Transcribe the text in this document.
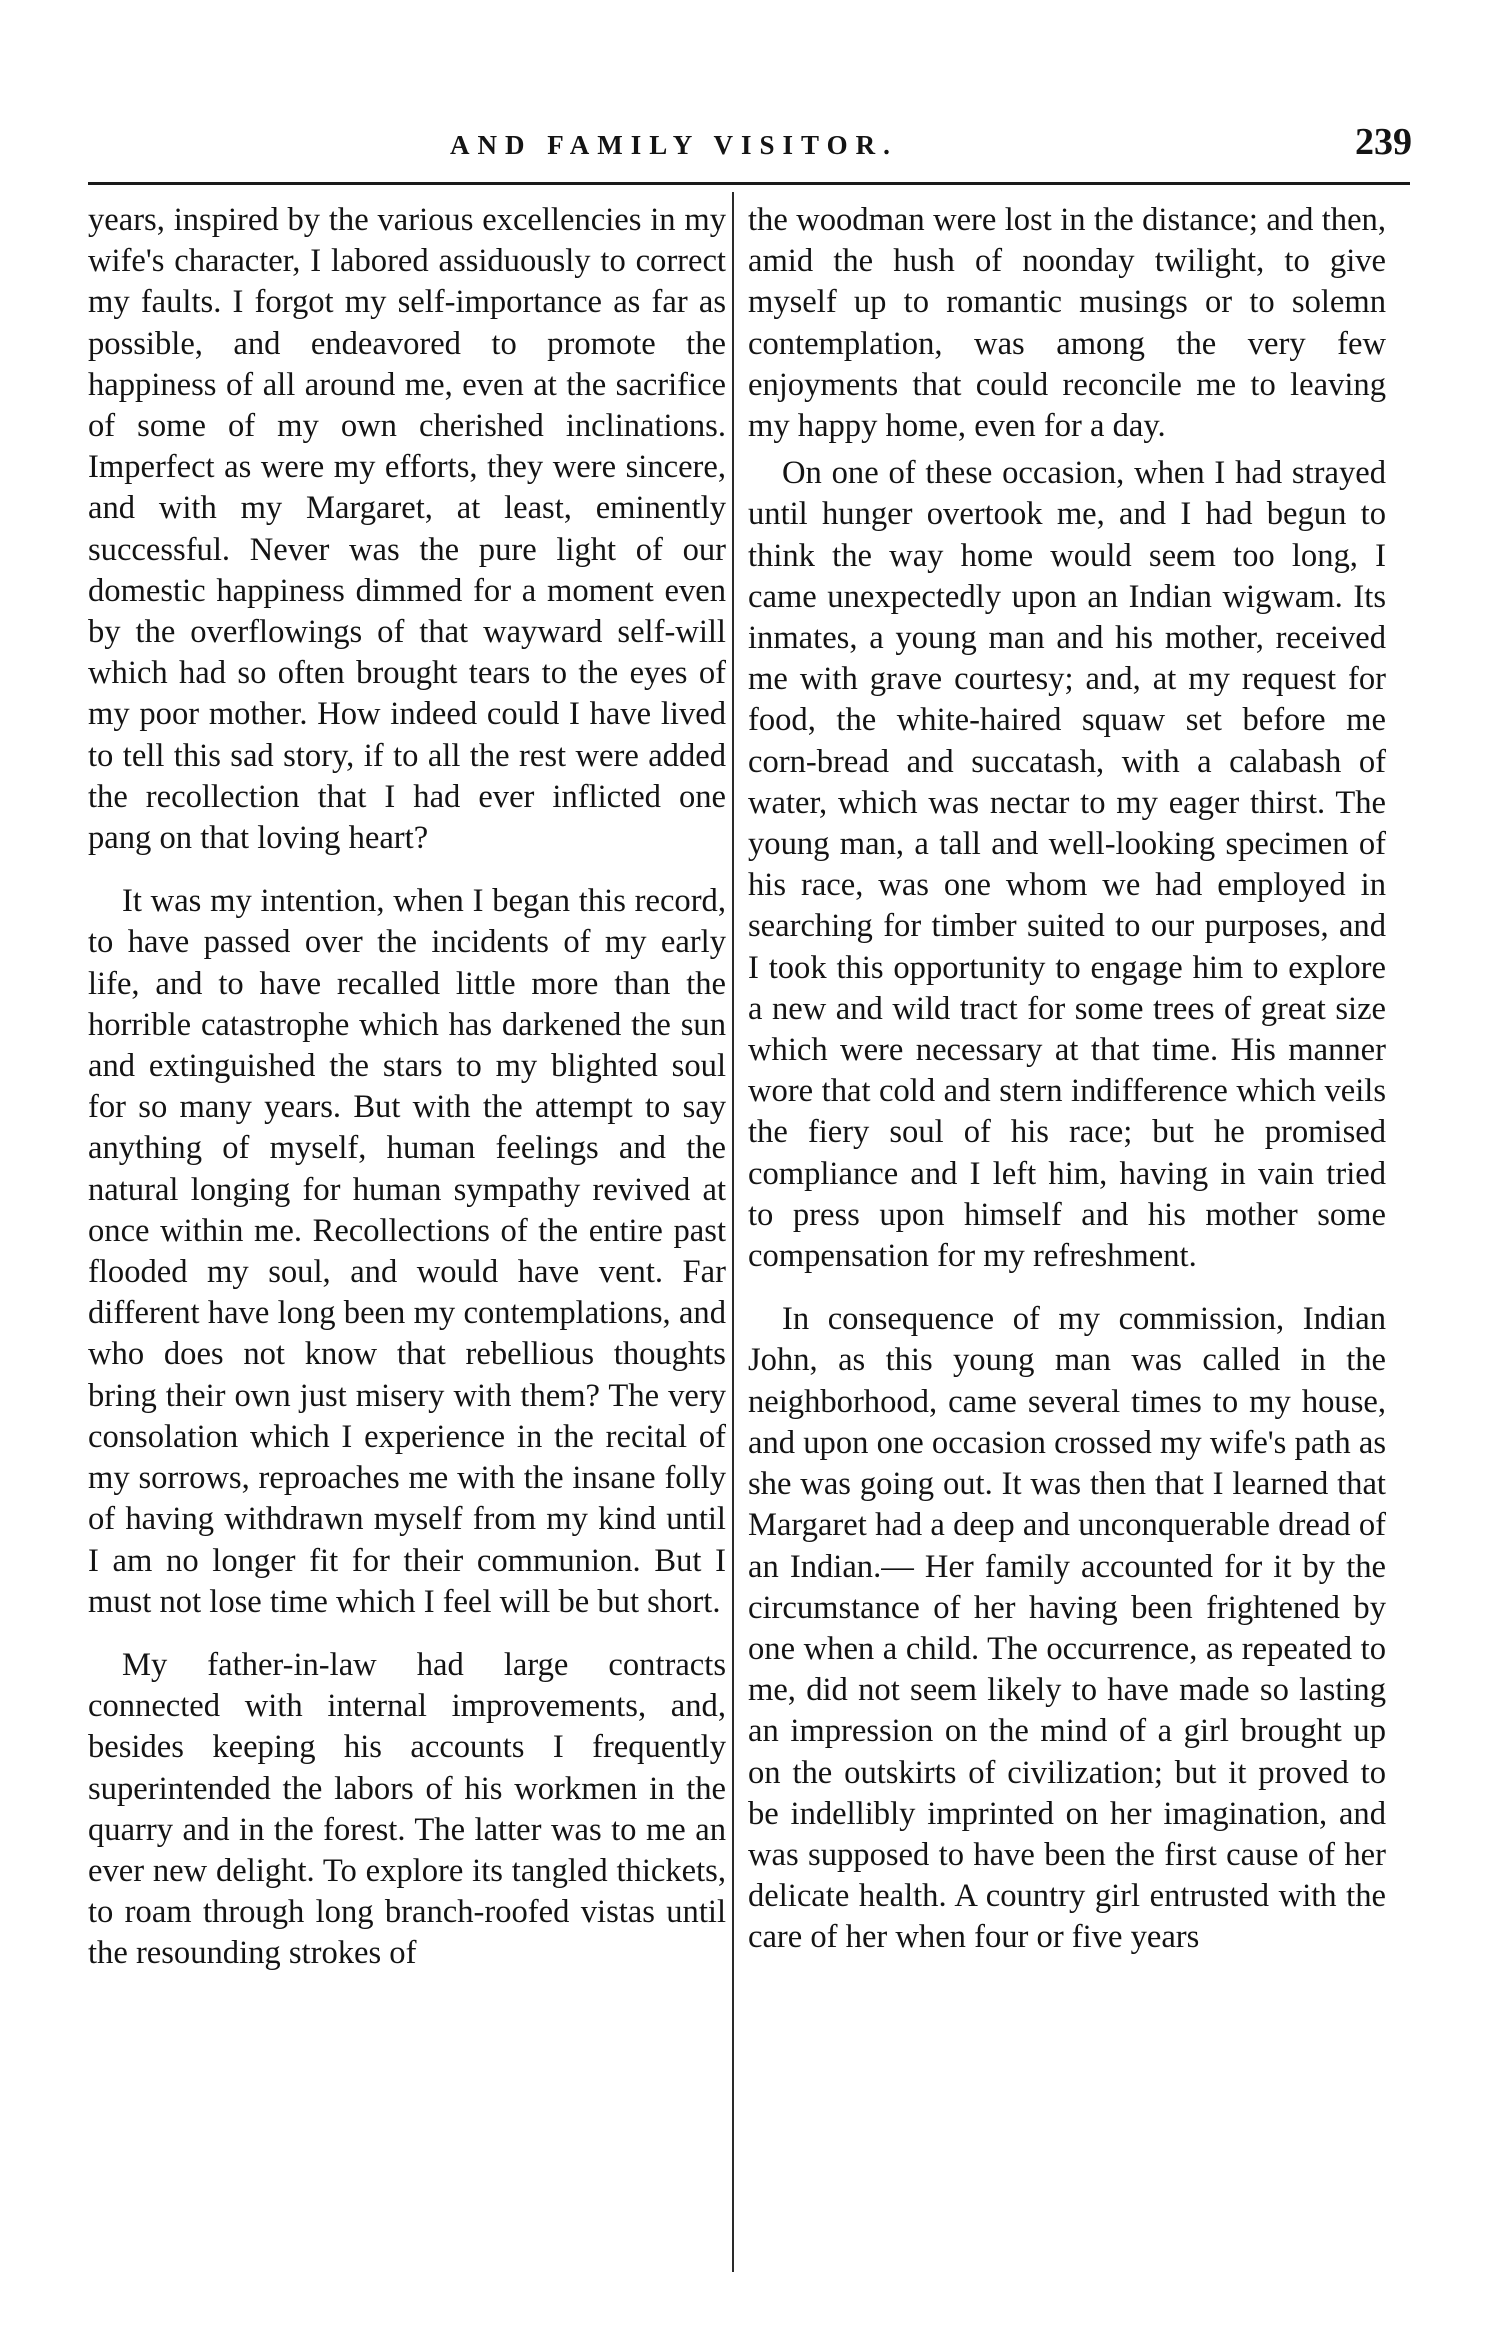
AND FAMILY VISITOR.	239

years, inspired by the various excellencies in my wife's character, I labored assiduously to correct my faults. I forgot my self-importance as far as possible, and endeavored to promote the happiness of all around me, even at the sacrifice of some of my own cherished inclinations. Imperfect as were my efforts, they were sincere, and with my Margaret, at least, eminently successful. Never was the pure light of our domestic happiness dimmed for a moment even by the overflowings of that wayward self-will which had so often brought tears to the eyes of my poor mother. How indeed could I have lived to tell this sad story, if to all the rest were added the recollection that I had ever inflicted one pang on that loving heart?

It was my intention, when I began this record, to have passed over the incidents of my early life, and to have recalled little more than the horrible catastrophe which has darkened the sun and extinguished the stars to my blighted soul for so many years. But with the attempt to say anything of myself, human feelings and the natural longing for human sympathy revived at once within me. Recollections of the entire past flooded my soul, and would have vent. Far different have long been my contemplations, and who does not know that rebellious thoughts bring their own just misery with them? The very consolation which I experience in the recital of my sorrows, reproaches me with the insane folly of having withdrawn myself from my kind until I am no longer fit for their communion. But I must not lose time which I feel will be but short.

My father-in-law had large contracts connected with internal improvements, and, besides keeping his accounts I frequently superintended the labors of his workmen in the quarry and in the forest. The latter was to me an ever new delight. To explore its tangled thickets, to roam through long branch-roofed vistas until the resounding strokes of

the woodman were lost in the distance; and then, amid the hush of noonday twilight, to give myself up to romantic musings or to solemn contemplation, was among the very few enjoyments that could reconcile me to leaving my happy home, even for a day.

On one of these occasion, when I had strayed until hunger overtook me, and I had begun to think the way home would seem too long, I came unexpectedly upon an Indian wigwam. Its inmates, a young man and his mother, received me with grave courtesy; and, at my request for food, the white-haired squaw set before me corn-bread and succatash, with a calabash of water, which was nectar to my eager thirst. The young man, a tall and well-looking specimen of his race, was one whom we had employed in searching for timber suited to our purposes, and I took this opportunity to engage him to explore a new and wild tract for some trees of great size which were necessary at that time. His manner wore that cold and stern indifference which veils the fiery soul of his race; but he promised compliance and I left him, having in vain tried to press upon himself and his mother some compensation for my refreshment.

In consequence of my commission, Indian John, as this young man was called in the neighborhood, came several times to my house, and upon one occasion crossed my wife's path as she was going out. It was then that I learned that Margaret had a deep and unconquerable dread of an Indian.— Her family accounted for it by the circumstance of her having been frightened by one when a child. The occurrence, as repeated to me, did not seem likely to have made so lasting an impression on the mind of a girl brought up on the outskirts of civilization; but it proved to be indellibly imprinted on her imagination, and was supposed to have been the first cause of her delicate health. A country girl entrusted with the care of her when four or five years
